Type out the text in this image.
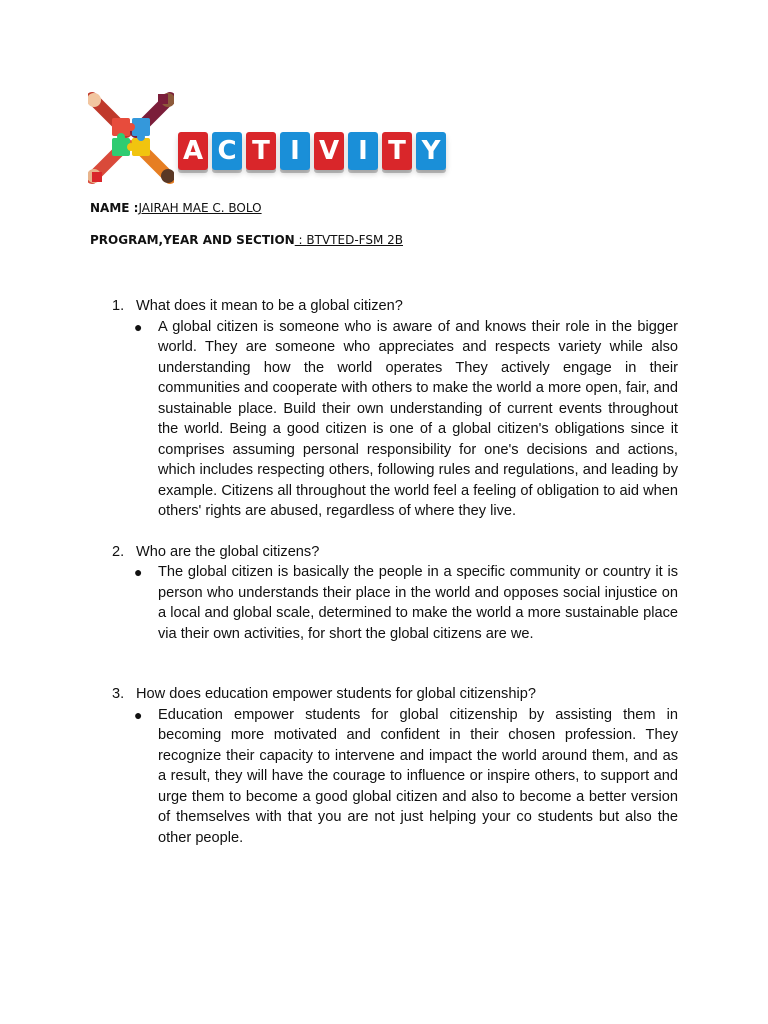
A C T I V I T Y
NAME :JAIRAH MAE C. BOLO
PROGRAM,YEAR AND SECTION : BTVTED-FSM 2B
1. What does it mean to be a global citizen?
● A global citizen is someone who is aware of and knows their role in the bigger world. They are someone who appreciates and respects variety while also understanding how the world operates They actively engage in their communities and cooperate with others to make the world a more open, fair, and sustainable place. Build their own understanding of current events throughout the world. Being a good citizen is one of a global citizen's obligations since it comprises assuming personal responsibility for one's decisions and actions, which includes respecting others, following rules and regulations, and leading by example. Citizens all throughout the world feel a feeling of obligation to aid when others' rights are abused, regardless of where they live.
2. Who are the global citizens?
● The global citizen is basically the people in a specific community or country it is person who understands their place in the world and opposes social injustice on a local and global scale, determined to make the world a more sustainable place via their own activities, for short the global citizens are we.
3. How does education empower students for global citizenship?
● Education empower students for global citizenship by assisting them in becoming more motivated and confident in their chosen profession. They recognize their capacity to intervene and impact the world around them, and as a result, they will have the courage to influence or inspire others, to support and urge them to become a good global citizen and also to become a better version of themselves with that you are not just helping your co students but also the other people.
